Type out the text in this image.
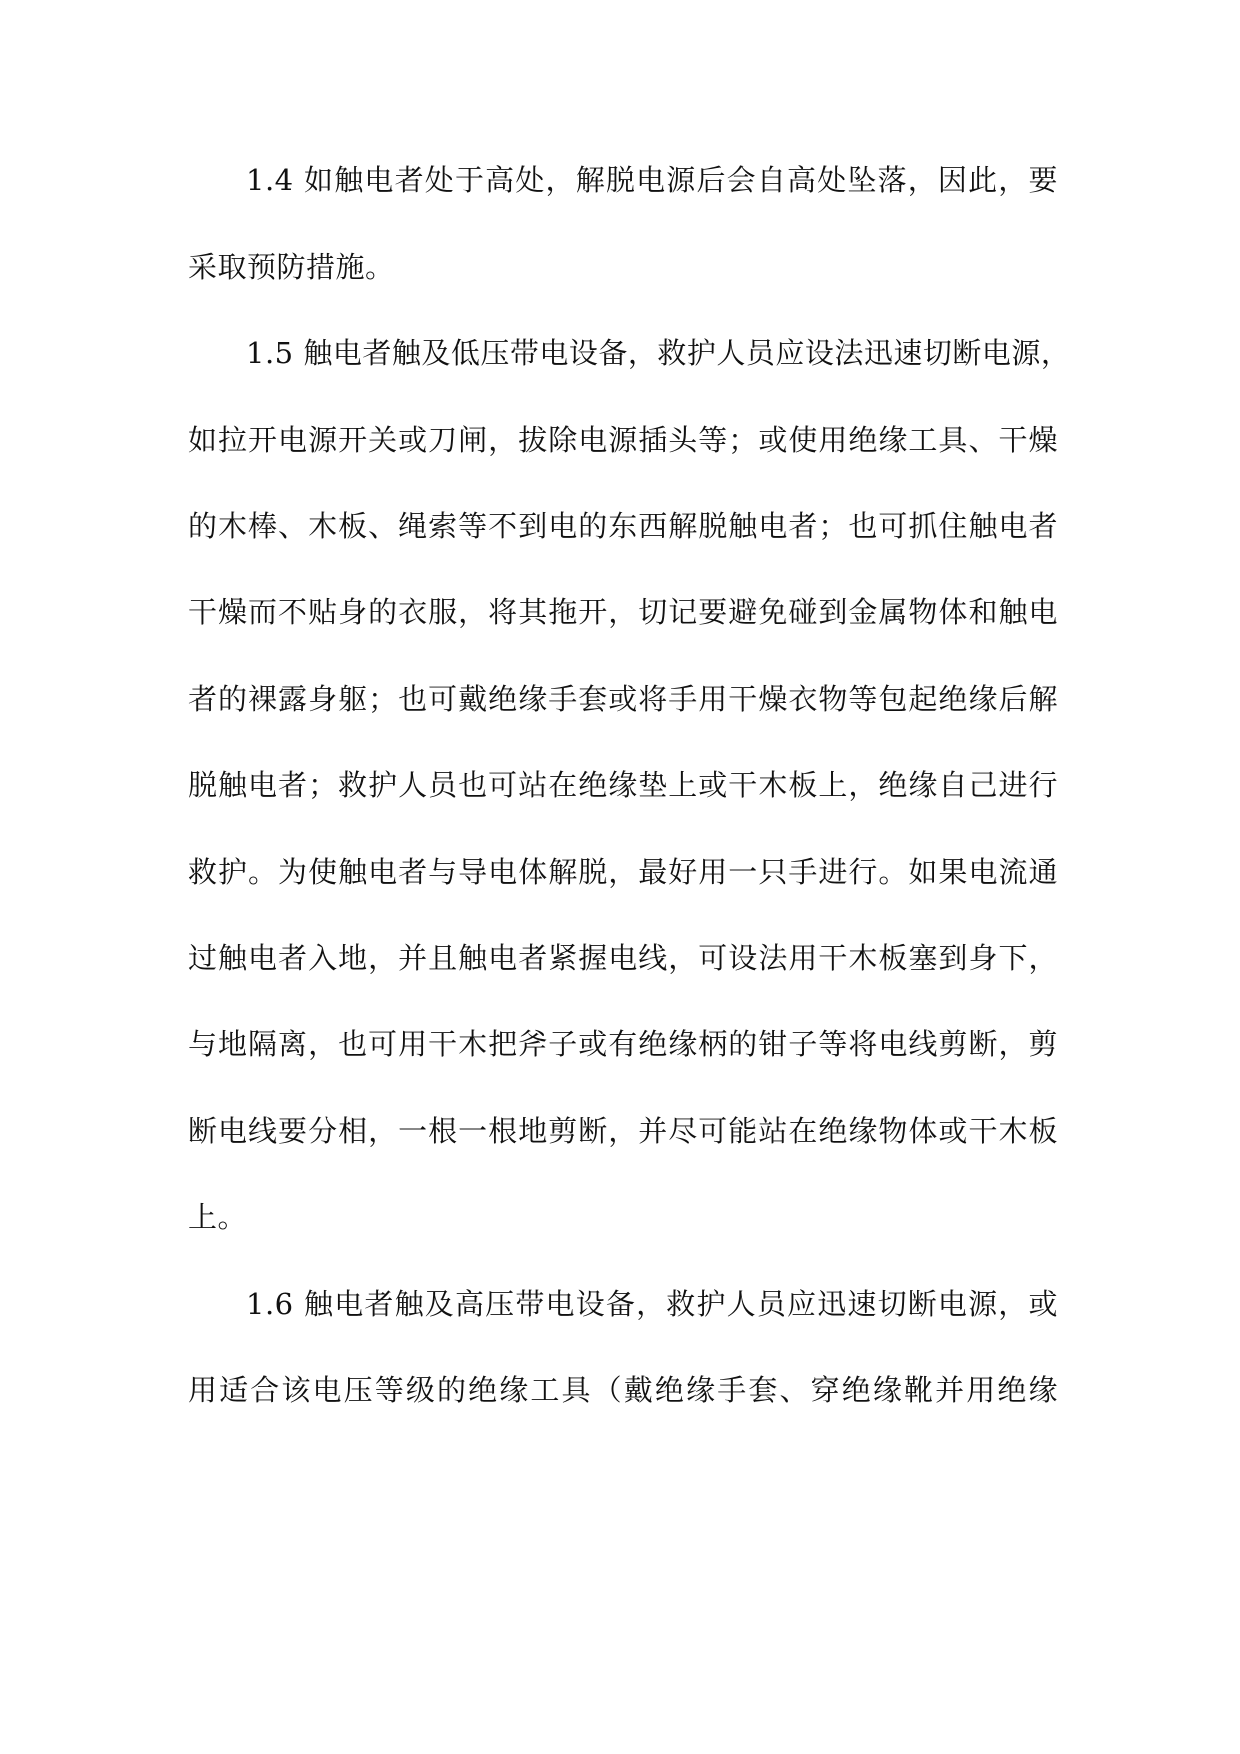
1.4 如触电者处于高处，解脱电源后会自高处坠落，因此，要
采取预防措施。
1.5 触电者触及低压带电设备，救护人员应设法迅速切断电源，
如拉开电源开关或刀闸，拔除电源插头等；或使用绝缘工具、干燥
的木棒、木板、绳索等不到电的东西解脱触电者；也可抓住触电者
干燥而不贴身的衣服，将其拖开，切记要避免碰到金属物体和触电
者的裸露身躯；也可戴绝缘手套或将手用干燥衣物等包起绝缘后解
脱触电者；救护人员也可站在绝缘垫上或干木板上，绝缘自己进行
救护。为使触电者与导电体解脱，最好用一只手进行。如果电流通
过触电者入地，并且触电者紧握电线，可设法用干木板塞到身下，
与地隔离，也可用干木把斧子或有绝缘柄的钳子等将电线剪断，剪
断电线要分相，一根一根地剪断，并尽可能站在绝缘物体或干木板
上。
1.6 触电者触及高压带电设备，救护人员应迅速切断电源，或
用适合该电压等级的绝缘工具（戴绝缘手套、穿绝缘靴并用绝缘
